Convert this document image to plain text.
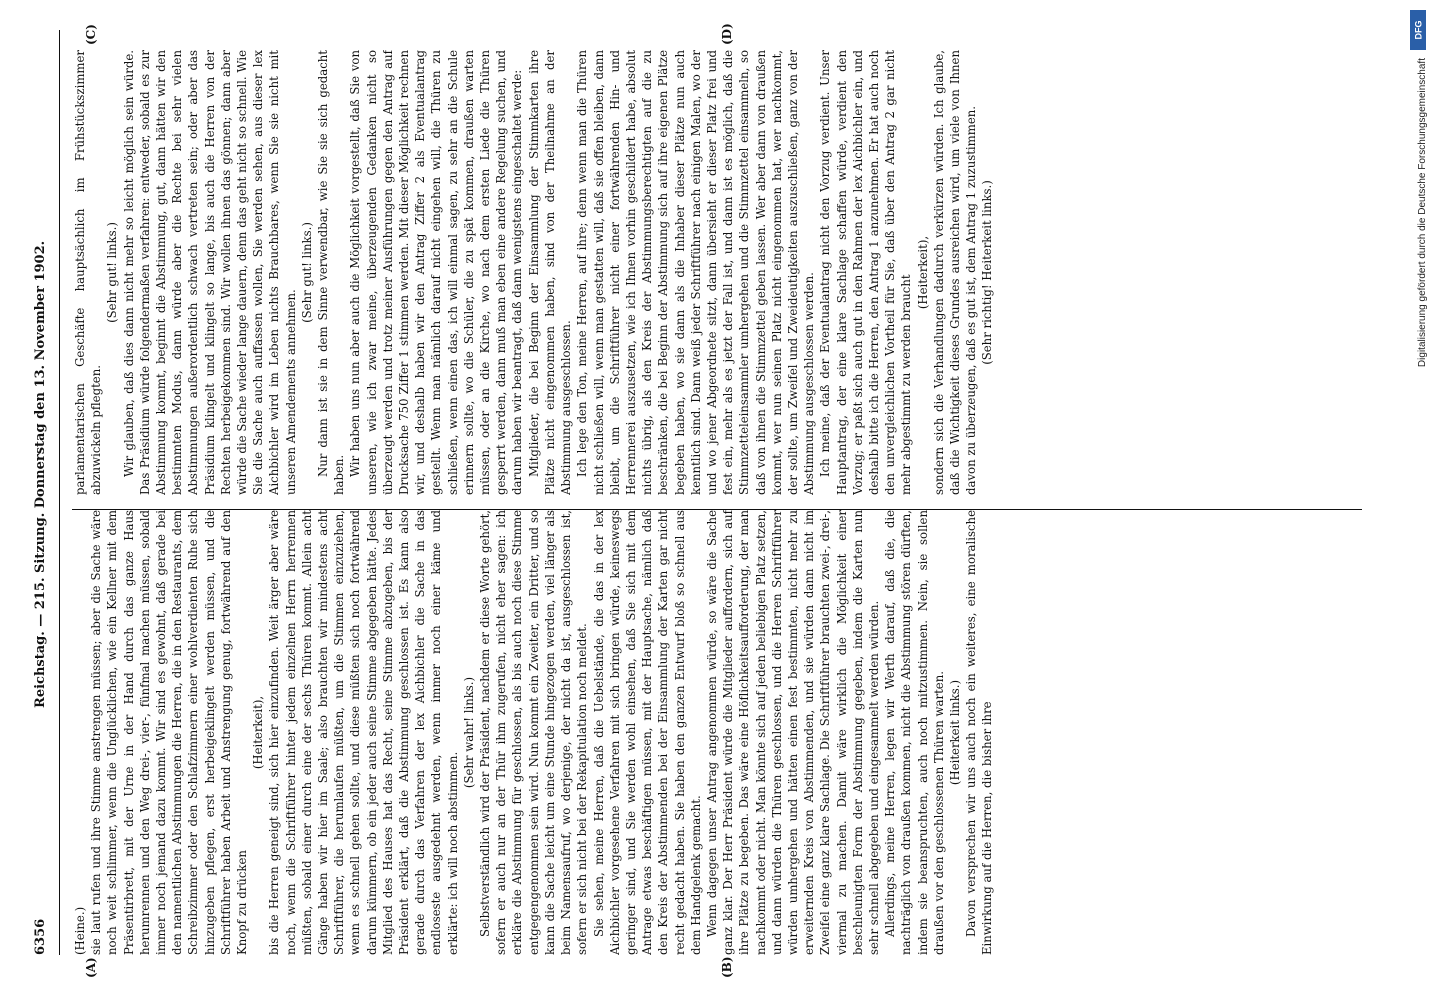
6356
Reichstag. — 215. Sitzung. Donnerstag den 13. November 1902.
(A)	(B)
(C)	(D)

(Heine.) sie laut rufen und ihre Stimme anstrengen müssen; aber die Sache wäre noch weit schlimmer, wenn die Unglücklichen, wie ein Kellner mit dem Präsentirbrett, mit der Urne in der Hand durch das ganze Haus herumrennen und den Weg drei-, vier-, fünfmal machen müssen, sobald immer noch jemand dazu kommt. Wir sind es gewohnt, daß gerade bei den namentlichen Abstimmungen die Herren, die in den Restaurants, dem Schreibzimmer oder den Schlafzimmern einer wohlverdienten Ruhe sich hinzugeben pflegen, erst herbeigeklingelt werden müssen, und die Schriftführer haben Arbeit und Anstrengung genug, fortwährend auf den Knopf zu drücken

(Heiterkeit), bis die Herren geneigt sind, sich hier einzufinden. Weit ärger aber wäre noch, wenn die Schriftführer hinter jedem einzelnen Herrn herrennen müßten, sobald einer durch eine der sechs Thüren kommt. Allein acht Gänge haben wir hier im Saale; also brauchten wir mindestens acht Schriftführer, die herumlaufen müßten, um die Stimmen einzuziehen, wenn es schnell gehen sollte, und diese müßten sich noch fortwährend darum kümmern, ob ein jeder auch seine Stimme abgegeben hätte. Jedes Mitglied des Hauses hat das Recht, seine Stimme abzugeben, bis der Präsident erklärt, daß die Abstimmung geschlossen ist. Es kann also gerade durch das Verfahren der lex Aichbichler die Sache in das endloseste ausgedehnt werden, wenn immer noch einer käme und erklärte: ich will noch abstimmen.

(Sehr wahr! links.) Selbstverständlich wird der Präsident, nachdem er diese Worte gehört, sofern er auch nur an der Thür ihm zugerufen, nicht eher sagen: ich erkläre die Abstimmung für geschlossen, als bis auch noch diese Stimme entgegengenommen sein wird. Nun kommt ein Zweiter, ein Dritter, und so kann die Sache leicht um eine Stunde hingezogen werden, viel länger als beim Namensaufruf, wo derjenige, der nicht da ist, ausgeschlossen ist, sofern er sich nicht bei der Rekapitulation noch meldet. Sie sehen, meine Herren, daß die Uebelstände, die das in der lex Aichbichler vorgesehene Verfahren mit sich bringen würde, keineswegs geringer sind, und Sie werden wohl einsehen, daß Sie sich mit dem Antrage etwas beschäftigen müssen, mit der Hauptsache, nämlich daß den Kreis der Abstimmenden bei der Einsammlung der Karten gar nicht recht gedacht haben. Sie haben den ganzen Entwurf bloß so schnell aus dem Handgelenk gemacht. Wenn dagegen unser Antrag angenommen würde, so wäre die Sache ganz klar. Der Herr Präsident würde die Mitglieder auffordern, sich auf ihre Plätze zu begeben. Das wäre eine Höflichkeitsaufforderung, der man nachkommt oder nicht. Man könnte sich auf jeden beliebigen Platz setzen, und dann würden die Thüren geschlossen, und die Herren Schriftführer würden umhergehen und hätten einen fest bestimmten, nicht mehr zu erweiternden Kreis von Abstimmenden, und sie würden dann nicht im Zweifel eine ganz klare Sachlage. Die Schriftführer brauchten zwei-, drei-, viermal zu machen. Damit wäre wirklich die Möglichkeit einer beschleunigten Form der Abstimmung gegeben, indem die Karten nun sehr schnell abgegeben und eingesammelt werden würden. Allerdings, meine Herren, legen wir Werth darauf, daß die, die nachträglich von draußen kommen, nicht die Abstimmung stören dürften, indem sie beanspruchten, auch noch mitzustimmen. Nein, sie sollen draußen vor den geschlossenen Thüren warten. (Heiterkeit links.) Davon versprechen wir uns auch noch ein weiteres, eine moralische Einwirkung auf die Herren, die bisher ihre

parlamentarischen Geschäfte hauptsächlich im Frühstückszimmer abzuwickeln pflegten.

(Sehr gut! links.) Wir glauben, daß dies dann nicht mehr so leicht möglich sein würde. Das Präsidium würde folgendermaßen verfahren: entweder, sobald es zur Abstimmung kommt, beginnt die Abstimmung, gut, dann hätten wir den bestimmten Modus, dann würde aber die Rechte bei sehr vielen Abstimmungen außerordentlich schwach vertreten sein; oder aber das Präsidium klingelt und klingelt so lange, bis auch die Herren von der Rechten herbeigekommen sind. Wir wollen ihnen das gönnen; dann aber würde die Sache wieder lange dauern, denn das geht nicht so schnell. Wie Sie die Sache auch auffassen wollen, Sie werden sehen, aus dieser lex Aichbichler wird im Leben nichts Brauchbares, wenn Sie sie nicht mit unseren Amendements annehmen.

(Sehr gut! links.) Nur dann ist sie in dem Sinne verwendbar, wie Sie sie sich gedacht haben. Wir haben uns nun aber auch die Möglichkeit vorgestellt, daß Sie von unseren, wie ich zwar meine, überzeugenden Gedanken nicht so überzeugt werden und trotz meiner Ausführungen gegen den Antrag auf Drucksache 750 Ziffer 1 stimmen werden. Mit dieser Möglichkeit rechnen wir, und deshalb haben wir den Antrag Ziffer 2 als Eventualantrag gestellt. Wenn man nämlich darauf nicht eingehen will, die Thüren zu schließen, wenn einen das, ich will einmal sagen, zu sehr an die Schule erinnern sollte, wo die Schüler, die zu spät kommen, draußen warten müssen, oder an die Kirche, wo nach dem ersten Liede die Thüren gesperrt werden, dann muß man eben eine andere Regelung suchen, und darum haben wir beantragt, daß dann wenigstens eingeschaltet werde: Mitglieder, die bei Beginn der Einsammlung der Stimmkarten ihre Plätze nicht eingenommen haben, sind von der Theilnahme an der Abstimmung ausgeschlossen. Ich lege den Ton, meine Herren, auf ihre; denn wenn man die Thüren nicht schließen will, wenn man gestatten will, daß sie offen bleiben, dann bleibt, um die Schriftführer nicht einer fortwährenden Hin- und Herrennerei auszusetzen, wie ich Ihnen vorhin geschildert habe, absolut nichts übrig, als den Kreis der Abstimmungsberechtigten auf die zu beschränken, die bei Beginn der Abstimmung sich auf ihre eigenen Plätze begeben haben, wo sie dann als die Inhaber dieser Plätze nun auch kenntlich sind. Dann weiß jeder Schriftführer nach einigen Malen, wo der und wo jener Abgeordnete sitzt, dann übersieht er dieser Platz frei und fest ein, mehr als es jetzt der Fall ist, und dann ist es möglich, daß die Stimmzetteleinsammler umhergehen und die Stimmzettel einsammeln, so daß von ihnen die Stimmzettel geben lassen. Wer aber dann von draußen kommt, wer nun seinen Platz nicht eingenommen hat, wer nachkommt, der sollte, um Zweifel und Zweideutigkeiten auszuschließen, ganz von der Abstimmung ausgeschlossen werden. Ich meine, daß der Eventualantrag nicht den Vorzug verdient. Unser Hauptantrag, der eine klare Sachlage schaffen würde, verdient den Vorzug; er paßt sich auch gut in den Rahmen der lex Aichbichler ein, und deshalb bitte ich die Herren, den Antrag 1 anzunehmen. Er hat auch noch den unvergleichlichen Vortheil für Sie, daß über den Antrag 2 gar nicht mehr abgestimmt zu werden braucht

(Heiterkeit), sondern sich die Verhandlungen dadurch verkürzen würden. Ich glaube, daß die Wichtigkeit dieses Grundes ausreichen wird, um viele von Ihnen davon zu überzeugen, daß es gut ist, dem Antrag 1 zuzustimmen. (Sehr richtig! Heiterkeit links.)

DFG
Digitalisierung gefördert durch die Deutsche Forschungsgemeinschaft
